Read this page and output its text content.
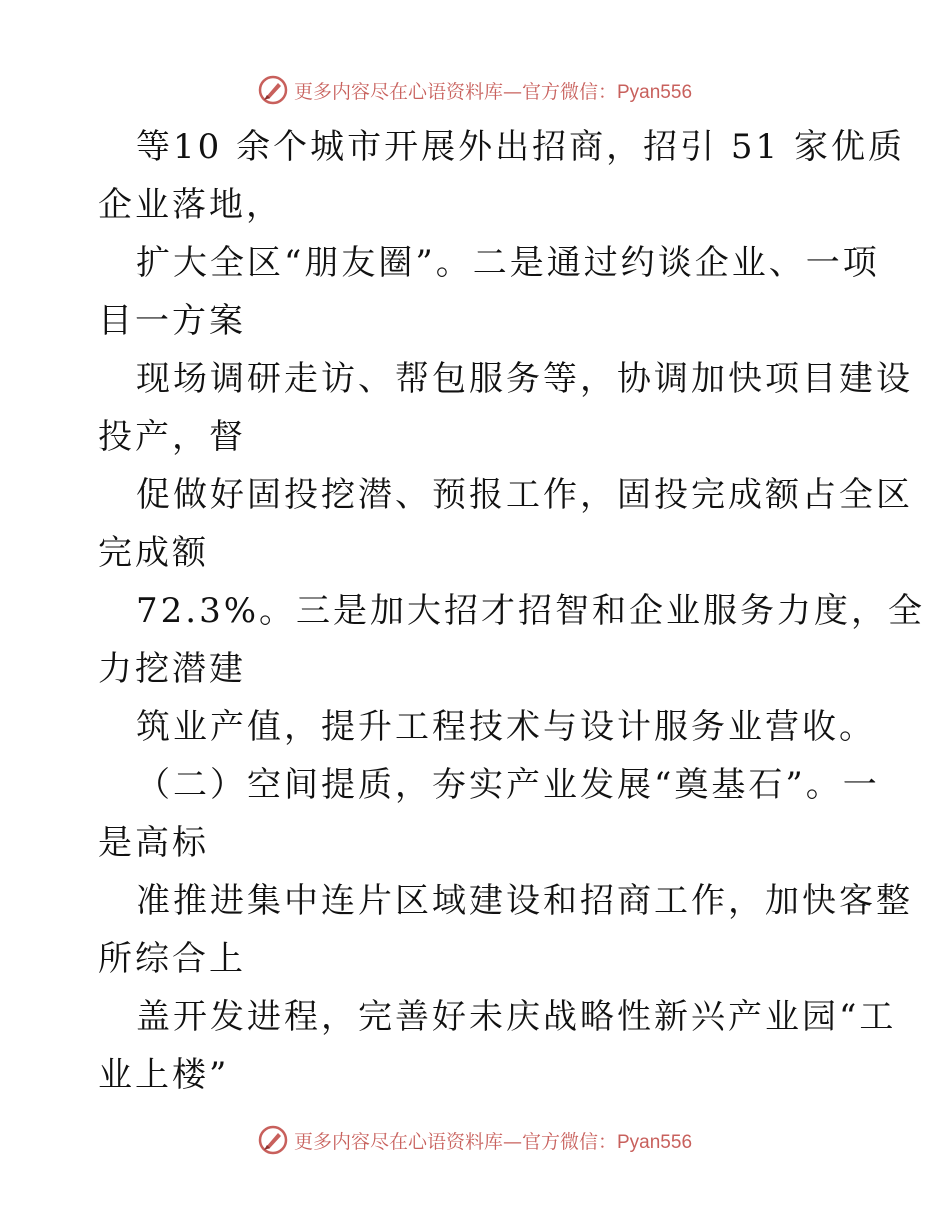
更多内容尽在心语资料库—官方微信：Pyan556
等10 余个城市开展外出招商，招引 51 家优质
企业落地，
扩大全区“朋友圈”。二是通过约谈企业、一项
目一方案
现场调研走访、帮包服务等，协调加快项目建设
投产，督
促做好固投挖潜、预报工作，固投完成额占全区
完成额
72.3%。三是加大招才招智和企业服务力度，全
力挖潜建
筑业产值，提升工程技术与设计服务业营收。
（二）空间提质，夯实产业发展“奠基石”。一
是高标
准推进集中连片区域建设和招商工作，加快客整
所综合上
盖开发进程，完善好未庆战略性新兴产业园“工
业上楼”
更多内容尽在心语资料库—官方微信：Pyan556
